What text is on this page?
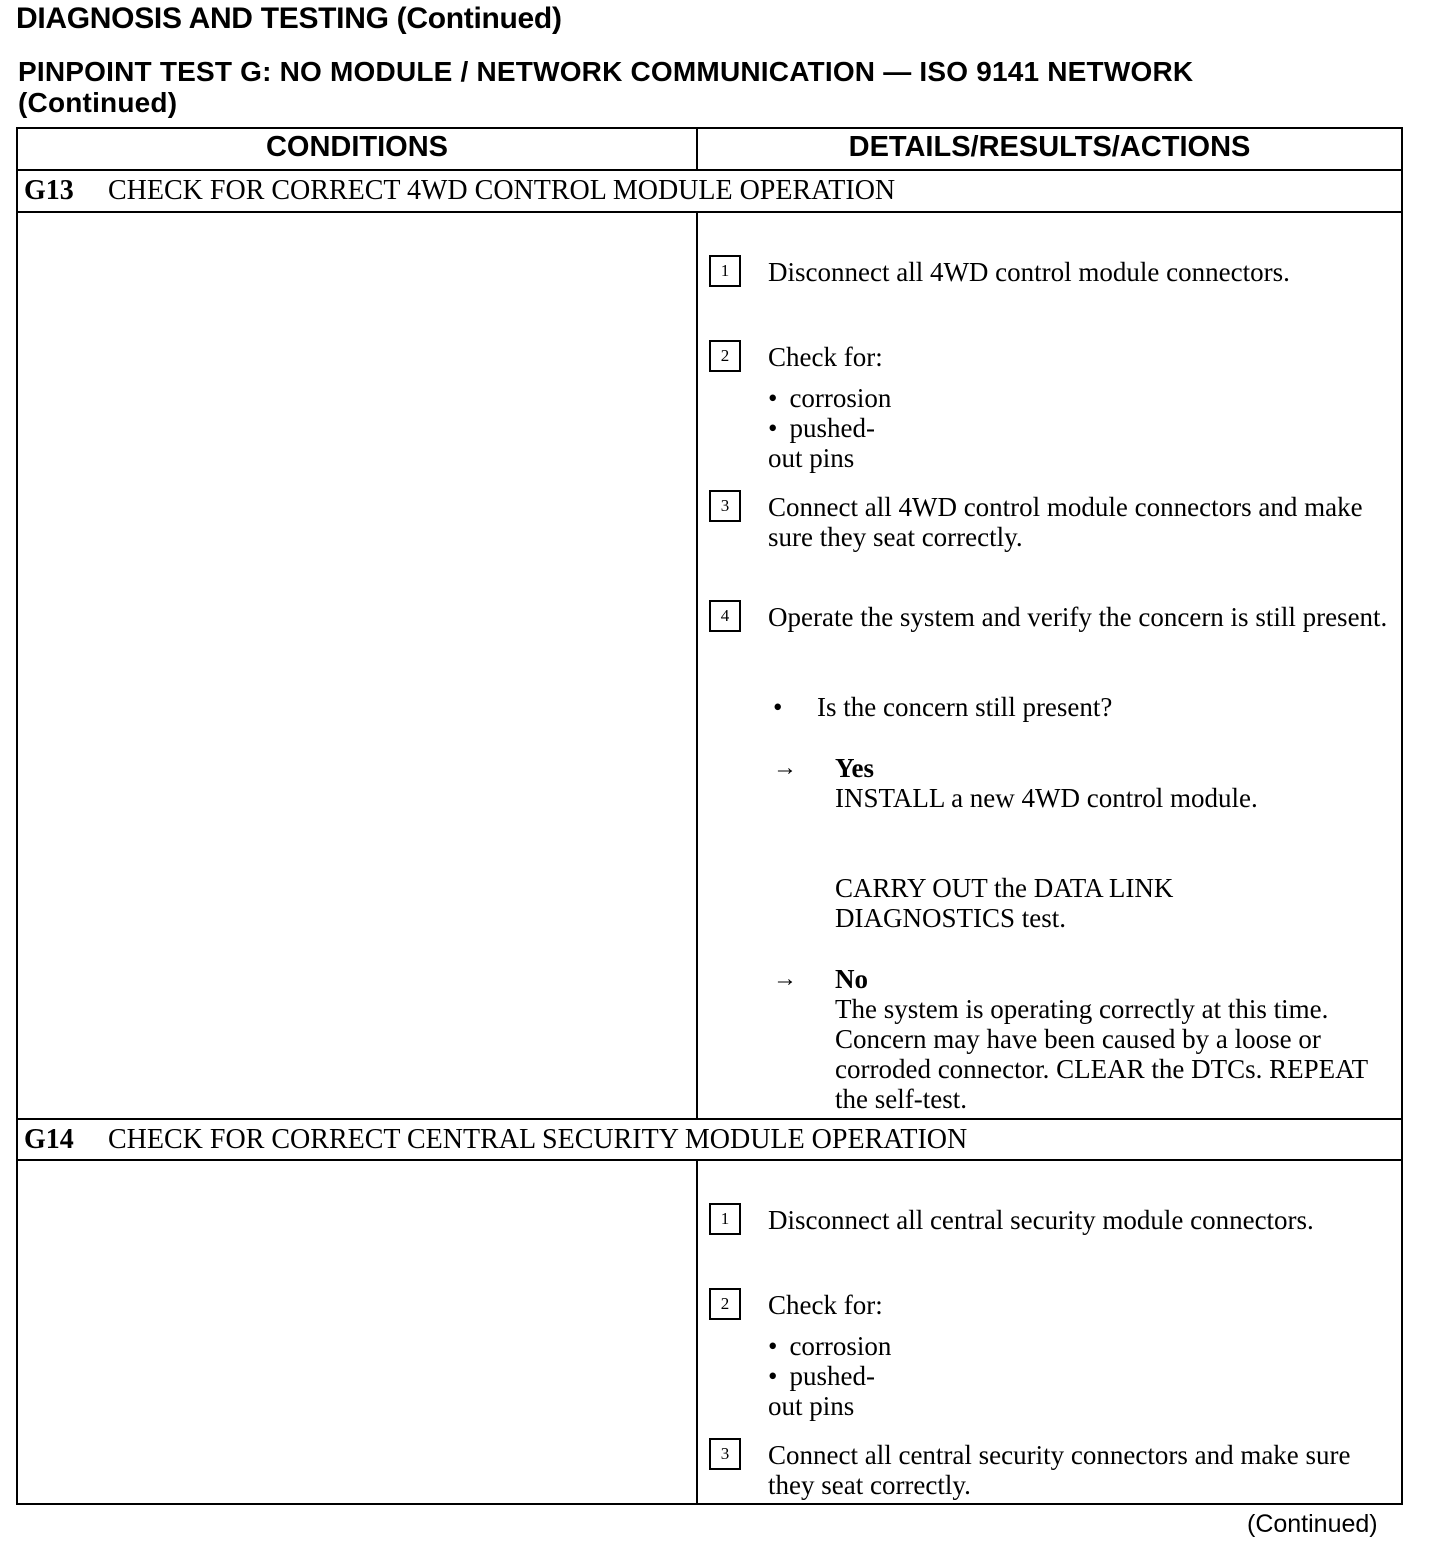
DIAGNOSIS AND TESTING (Continued)
PINPOINT TEST G: NO MODULE / NETWORK COMMUNICATION — ISO 9141 NETWORK
(Continued)
CONDITIONS	DETAILS/RESULTS/ACTIONS
G13 CHECK FOR CORRECT 4WD CONTROL MODULE OPERATION
1	Disconnect all 4WD control module connectors.
2	Check for:
• corrosion
• pushed-out pins
3	Connect all 4WD control module connectors and make sure they seat correctly.
4	Operate the system and verify the concern is still present.
• Is the concern still present?
→ Yes
INSTALL a new 4WD control module.
CARRY OUT the DATA LINK DIAGNOSTICS test.
→ No
The system is operating correctly at this time. Concern may have been caused by a loose or corroded connector. CLEAR the DTCs. REPEAT the self-test.
G14 CHECK FOR CORRECT CENTRAL SECURITY MODULE OPERATION
1	Disconnect all central security module connectors.
2	Check for:
• corrosion
• pushed-out pins
3	Connect all central security connectors and make sure they seat correctly.
(Continued)
